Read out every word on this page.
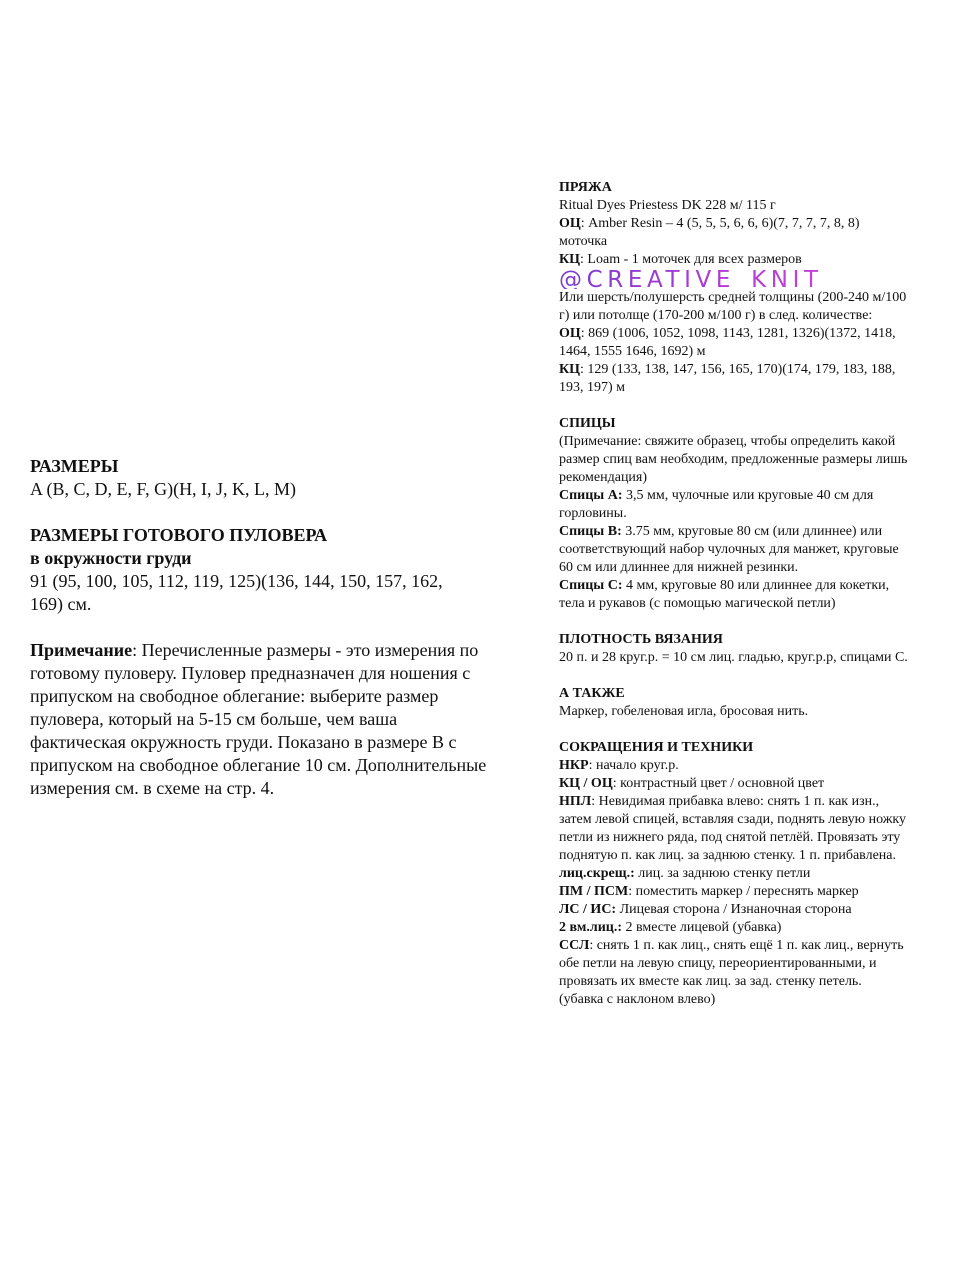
РАЗМЕРЫ
A (B, C, D, E, F, G)(H, I, J, K, L, M)
РАЗМЕРЫ ГОТОВОГО ПУЛОВЕРА
в окружности груди
91 (95, 100, 105, 112, 119, 125)(136, 144, 150, 157, 162, 169) см.
Примечание: Перечисленные размеры - это измерения по готовому пуловеру. Пуловер предназначен для ношения с припуском на свободное облегание: выберите размер пуловера, который на 5-15 см больше, чем ваша фактическая окружность груди. Показано в размере B с припуском на свободное облегание 10 см. Дополнительные измерения см. в схеме на стр. 4.
ПРЯЖА
Ritual Dyes Priestess DK 228 м/ 115 г
ОЦ: Amber Resin – 4 (5, 5, 5, 6, 6, 6)(7, 7, 7, 7, 8, 8) моточка
КЦ: Loam - 1 моточек для всех размеров
@CREATIVE_KNIT_
Или шерсть/полушерсть средней толщины (200-240 м/100 г) или потолще (170-200 м/100 г) в след. количестве:
ОЦ: 869 (1006, 1052, 1098, 1143, 1281, 1326)(1372, 1418, 1464, 1555 1646, 1692) м
КЦ: 129 (133, 138, 147, 156, 165, 170)(174, 179, 183, 188, 193, 197) м
СПИЦЫ
(Примечание: свяжите образец, чтобы определить какой размер спиц вам необходим, предложенные размеры лишь рекомендация)
Спицы A: 3,5 мм, чулочные или круговые 40 см для горловины.
Спицы B: 3.75 мм, круговые 80 см (или длиннее) или соответствующий набор чулочных для манжет, круговые 60 см или длиннее для нижней резинки.
Спицы C: 4 мм, круговые 80 или длиннее для кокетки, тела и рукавов (с помощью магической петли)
ПЛОТНОСТЬ ВЯЗАНИЯ
20 п. и 28 круг.р. = 10 см лиц. гладью, круг.р.р, спицами C.
А ТАКЖЕ
Маркер, гобеленовая игла, бросовая нить.
СОКРАЩЕНИЯ И ТЕХНИКИ
НКР: начало круг.р.
КЦ / ОЦ: контрастный цвет / основной цвет
НПЛ: Невидимая прибавка влево: снять 1 п. как изн., затем левой спицей, вставляя сзади, поднять левую ножку петли из нижнего ряда, под снятой петлёй. Провязать эту поднятую п. как лиц. за заднюю стенку. 1 п. прибавлена.
лиц.скрещ.: лиц. за заднюю стенку петли
ПМ / ПСМ: поместить маркер / переснять маркер
ЛС / ИС: Лицевая сторона / Изнаночная сторона
2 вм.лиц.: 2 вместе лицевой (убавка)
ССЛ: снять 1 п. как лиц., снять ещё 1 п. как лиц., вернуть обе петли на левую спицу, переориентированными, и провязать их вместе как лиц. за зад. стенку петель. (убавка с наклоном влево)
